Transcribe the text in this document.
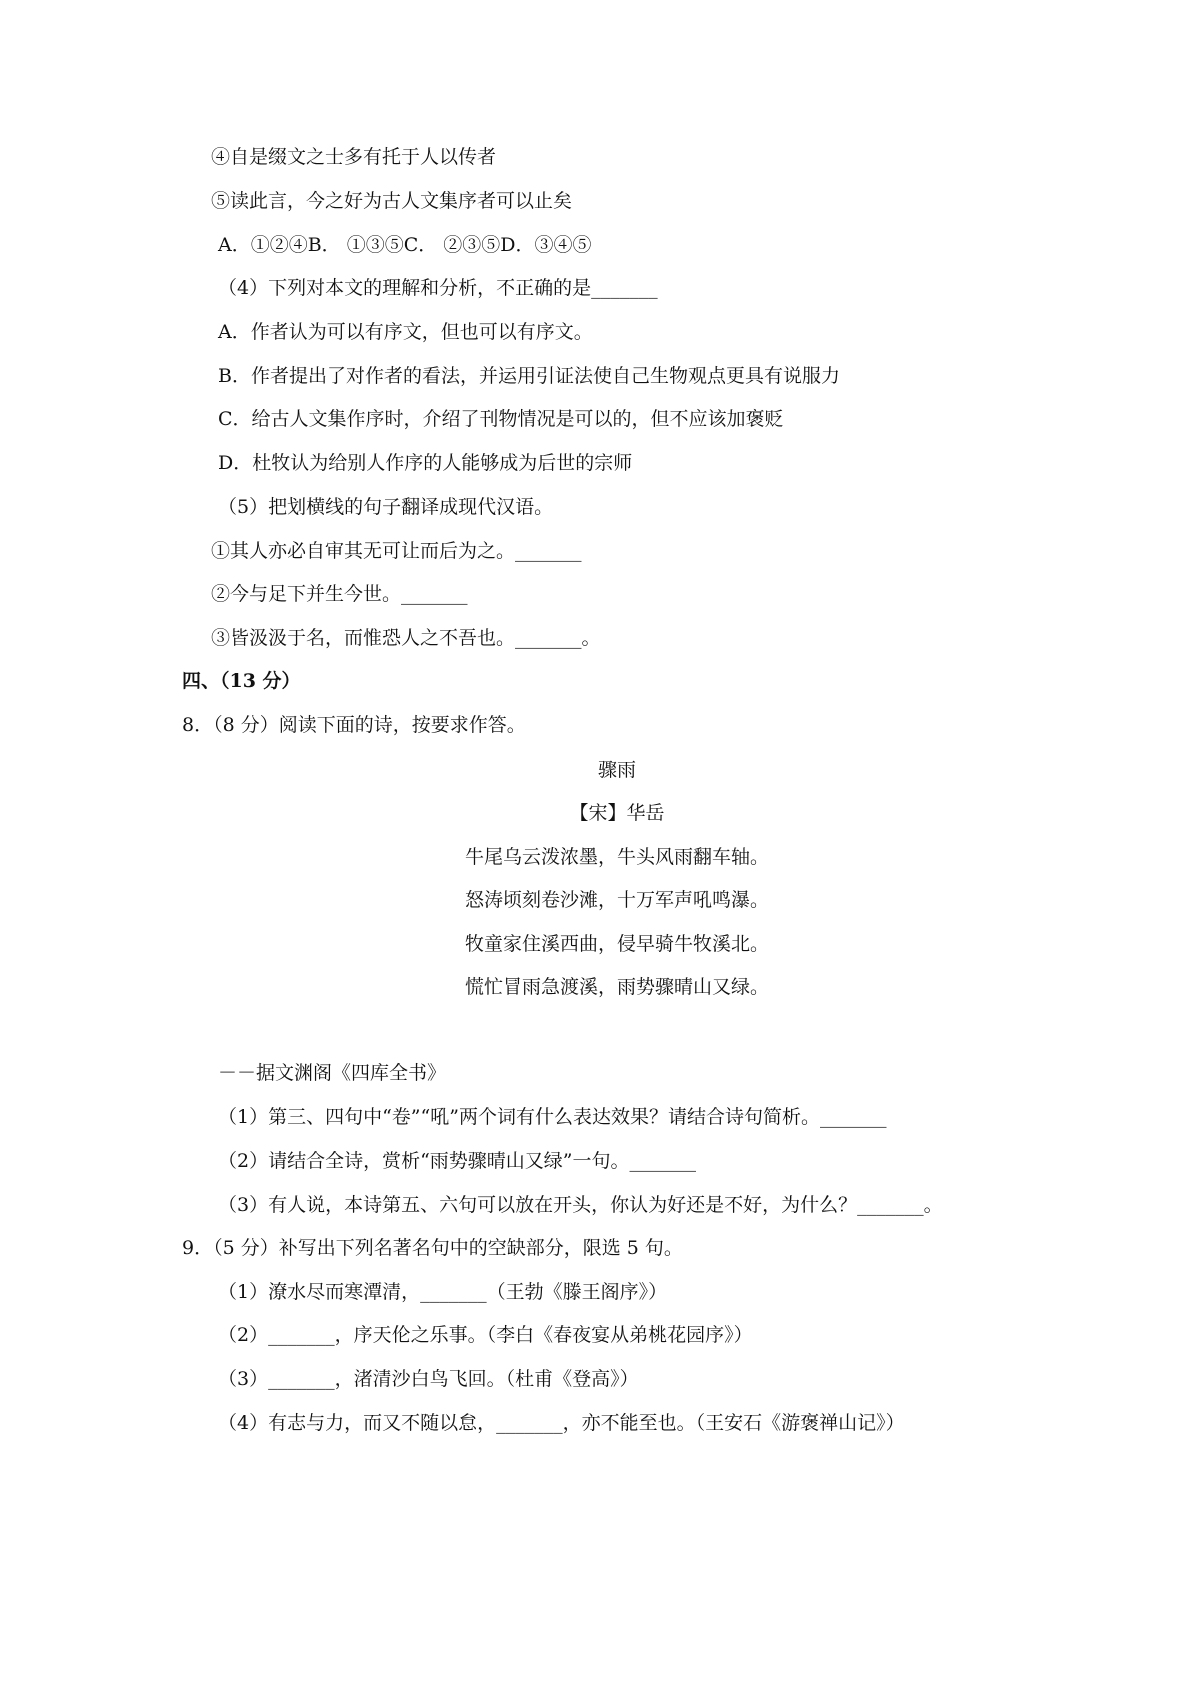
④自是缀文之士多有托于人以传者
⑤读此言，今之好为古人文集序者可以止矣
A．①②④B． ①③⑤C． ②③⑤D．③④⑤
（4）下列对本文的理解和分析，不正确的是_______
A．作者认为可以有序文，但也可以有序文。
B．作者提出了对作者的看法，并运用引证法使自己生物观点更具有说服力
C．给古人文集作序时，介绍了刊物情况是可以的，但不应该加褒贬
D．杜牧认为给别人作序的人能够成为后世的宗师
（5）把划横线的句子翻译成现代汉语。
①其人亦必自审其无可让而后为之。_______
②今与足下并生今世。_______
③皆汲汲于名，而惟恐人之不吾也。_______。
四、（13 分）
8．（8 分）阅读下面的诗，按要求作答。
骤雨
【宋】华岳
牛尾乌云泼浓墨，牛头风雨翻车轴。
怒涛顷刻卷沙滩，十万军声吼鸣瀑。
牧童家住溪西曲，侵早骑牛牧溪北。
慌忙冒雨急渡溪，雨势骤晴山又绿。
－－据文渊阁《四库全书》
（1）第三、四句中“卷”“吼”两个词有什么表达效果？请结合诗句简析。_______
（2）请结合全诗，赏析“雨势骤晴山又绿”一句。_______
（3）有人说，本诗第五、六句可以放在开头，你认为好还是不好，为什么？_______。
9．（5 分）补写出下列名著名句中的空缺部分，限选 5 句。
（1）潦水尽而寒潭清，_______（王勃《滕王阁序》）
（2）_______，序天伦之乐事。（李白《春夜宴从弟桃花园序》）
（3）_______，渚清沙白鸟飞回。（杜甫《登高》）
（4）有志与力，而又不随以怠，_______，亦不能至也。（王安石《游褒禅山记》）
